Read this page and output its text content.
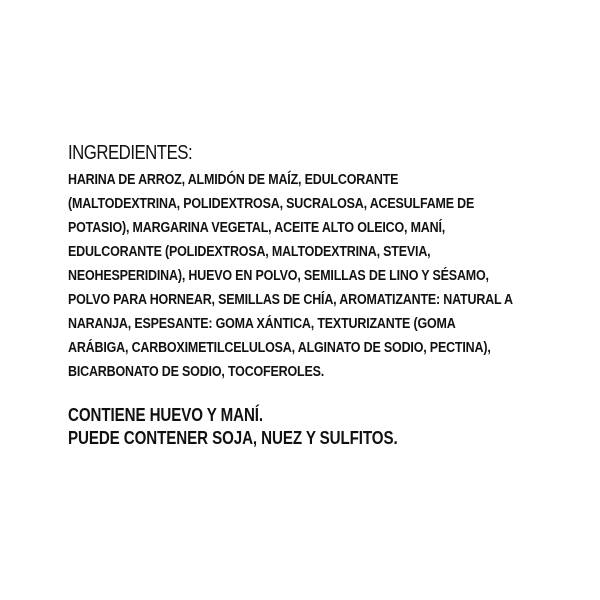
INGREDIENTES:
HARINA DE ARROZ, ALMIDÓN DE MAÍZ, EDULCORANTE
(MALTODEXTRINA, POLIDEXTROSA, SUCRALOSA, ACESULFAME DE
POTASIO), MARGARINA VEGETAL, ACEITE ALTO OLEICO, MANÍ,
EDULCORANTE (POLIDEXTROSA, MALTODEXTRINA, STEVIA,
NEOHESPERIDINA), HUEVO EN POLVO, SEMILLAS DE LINO Y SÉSAMO,
POLVO PARA HORNEAR, SEMILLAS DE CHÍA, AROMATIZANTE: NATURAL A
NARANJA, ESPESANTE: GOMA XÁNTICA, TEXTURIZANTE (GOMA
ARÁBIGA, CARBOXIMETILCELULOSA, ALGINATO DE SODIO, PECTINA),
BICARBONATO DE SODIO, TOCOFEROLES.
CONTIENE HUEVO Y MANÍ.
PUEDE CONTENER SOJA, NUEZ Y SULFITOS.
